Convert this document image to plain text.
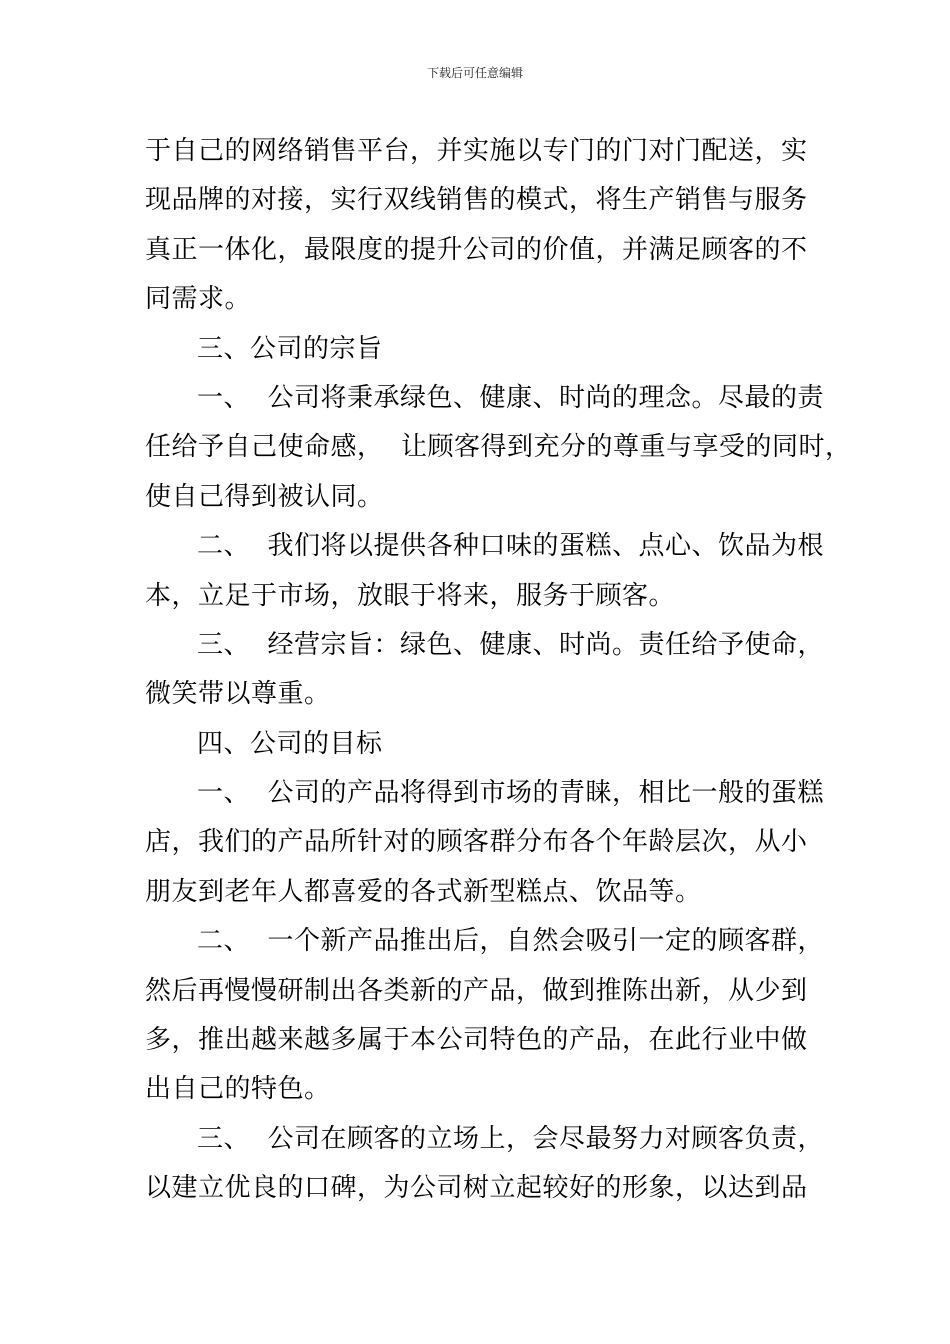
下载后可任意编辑
于自己的网络销售平台，并实施以专门的门对门配送，实
现品牌的对接，实行双线销售的模式，将生产销售与服务
真正一体化，最限度的提升公司的价值，并满足顾客的不
同需求。
三、公司的宗旨
一、  公司将秉承绿色、健康、时尚的理念。尽最的责
任给予自己使命感，  让顾客得到充分的尊重与享受的同时，
使自己得到被认同。
二、  我们将以提供各种口味的蛋糕、点心、饮品为根
本，立足于市场，放眼于将来，服务于顾客。
三、  经营宗旨：绿色、健康、时尚。责任给予使命，
微笑带以尊重。
四、公司的目标
一、  公司的产品将得到市场的青睐，相比一般的蛋糕
店，我们的产品所针对的顾客群分布各个年龄层次，从小
朋友到老年人都喜爱的各式新型糕点、饮品等。
二、  一个新产品推出后，自然会吸引一定的顾客群，
然后再慢慢研制出各类新的产品，做到推陈出新，从少到
多，推出越来越多属于本公司特色的产品，在此行业中做
出自己的特色。
三、  公司在顾客的立场上，会尽最努力对顾客负责，
以建立优良的口碑，为公司树立起较好的形象，以达到品
